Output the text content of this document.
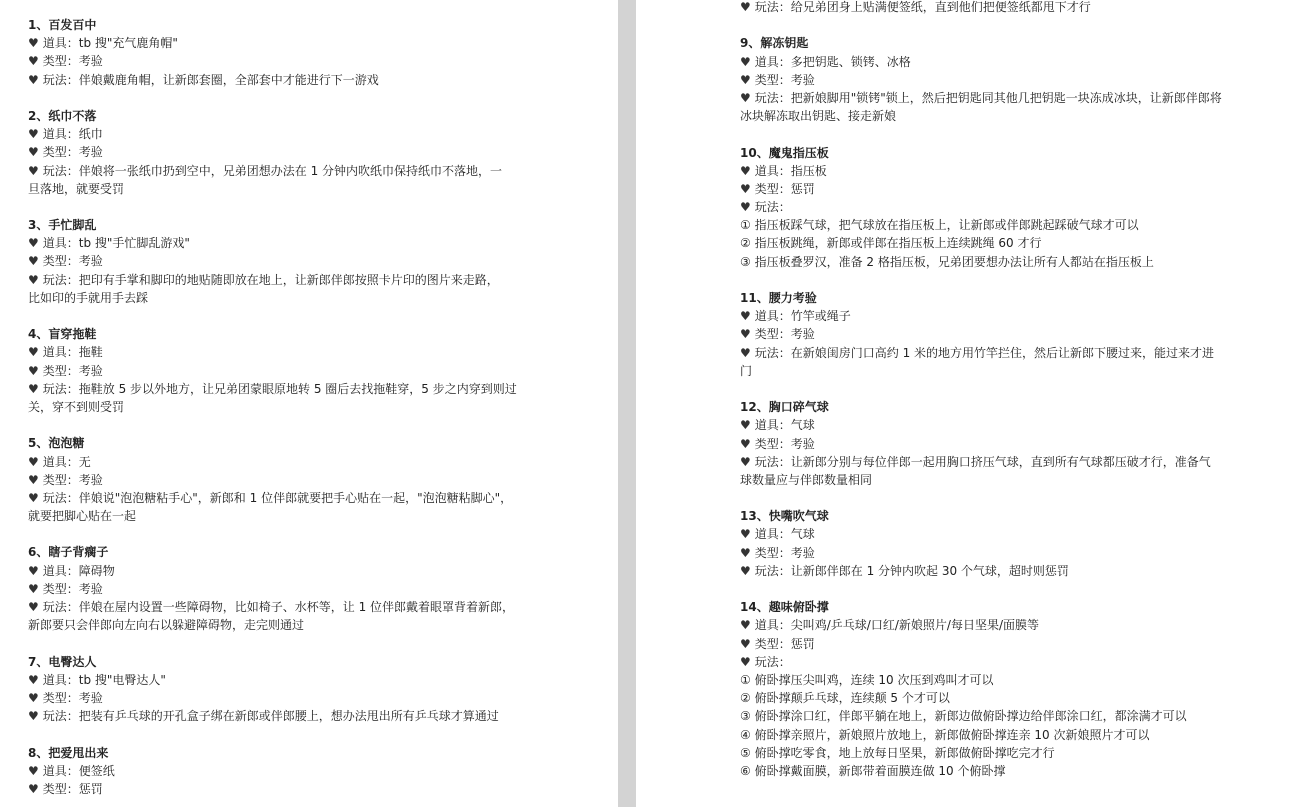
1、百发百中
♥ 道具：tb 搜"充气鹿角帽"
♥ 类型：考验
♥ 玩法：伴娘戴鹿角帽，让新郎套圈，全部套中才能进行下一游戏
2、纸巾不落
♥ 道具：纸巾
♥ 类型：考验
♥ 玩法：伴娘将一张纸巾扔到空中，兄弟团想办法在 1 分钟内吹纸巾保持纸巾不落地，一
旦落地，就要受罚
3、手忙脚乱
♥ 道具：tb 搜"手忙脚乱游戏"
♥ 类型：考验
♥ 玩法：把印有手掌和脚印的地贴随即放在地上，让新郎伴郎按照卡片印的图片来走路，
比如印的手就用手去踩
4、盲穿拖鞋
♥ 道具：拖鞋
♥ 类型：考验
♥ 玩法：拖鞋放 5 步以外地方，让兄弟团蒙眼原地转 5 圈后去找拖鞋穿，5 步之内穿到则过
关，穿不到则受罚
5、泡泡糖
♥ 道具：无
♥ 类型：考验
♥ 玩法：伴娘说"泡泡糖粘手心"，新郎和 1 位伴郎就要把手心贴在一起，"泡泡糖粘脚心"，
就要把脚心贴在一起
6、瞎子背瘸子
♥ 道具：障碍物
♥ 类型：考验
♥ 玩法：伴娘在屋内设置一些障碍物，比如椅子、水杯等，让 1 位伴郎戴着眼罩背着新郎，
新郎要只会伴郎向左向右以躲避障碍物，走完则通过
7、电臀达人
♥ 道具：tb 搜"电臀达人"
♥ 类型：考验
♥ 玩法：把装有乒乓球的开孔盒子绑在新郎或伴郎腰上，想办法甩出所有乒乓球才算通过
8、把爱甩出来
♥ 道具：便签纸
♥ 类型：惩罚
♥ 玩法：给兄弟团身上贴满便签纸，直到他们把便签纸都甩下才行
9、解冻钥匙
♥ 道具：多把钥匙、锁铐、冰格
♥ 类型：考验
♥ 玩法：把新娘脚用"锁铐"锁上，然后把钥匙同其他几把钥匙一块冻成冰块，让新郎伴郎将
冰块解冻取出钥匙、接走新娘
10、魔鬼指压板
♥ 道具：指压板
♥ 类型：惩罚
♥ 玩法：
① 指压板踩气球，把气球放在指压板上，让新郎或伴郎跳起踩破气球才可以
② 指压板跳绳，新郎或伴郎在指压板上连续跳绳 60 才行
③ 指压板叠罗汉，准备 2 格指压板，兄弟团要想办法让所有人都站在指压板上
11、腰力考验
♥ 道具：竹竿或绳子
♥ 类型：考验
♥ 玩法：在新娘闺房门口高约 1 米的地方用竹竿拦住，然后让新郎下腰过来，能过来才进
门
12、胸口碎气球
♥ 道具：气球
♥ 类型：考验
♥ 玩法：让新郎分别与每位伴郎一起用胸口挤压气球，直到所有气球都压破才行，准备气
球数量应与伴郎数量相同
13、快嘴吹气球
♥ 道具：气球
♥ 类型：考验
♥ 玩法：让新郎伴郎在 1 分钟内吹起 30 个气球，超时则惩罚
14、趣味俯卧撑
♥ 道具：尖叫鸡/乒乓球/口红/新娘照片/每日坚果/面膜等
♥ 类型：惩罚
♥ 玩法：
① 俯卧撑压尖叫鸡，连续 10 次压到鸡叫才可以
② 俯卧撑颠乒乓球，连续颠 5 个才可以
③ 俯卧撑涂口红，伴郎平躺在地上，新郎边做俯卧撑边给伴郎涂口红，都涂满才可以
④ 俯卧撑亲照片，新娘照片放地上，新郎做俯卧撑连亲 10 次新娘照片才可以
⑤ 俯卧撑吃零食，地上放每日坚果，新郎做俯卧撑吃完才行
⑥ 俯卧撑戴面膜，新郎带着面膜连做 10 个俯卧撑
